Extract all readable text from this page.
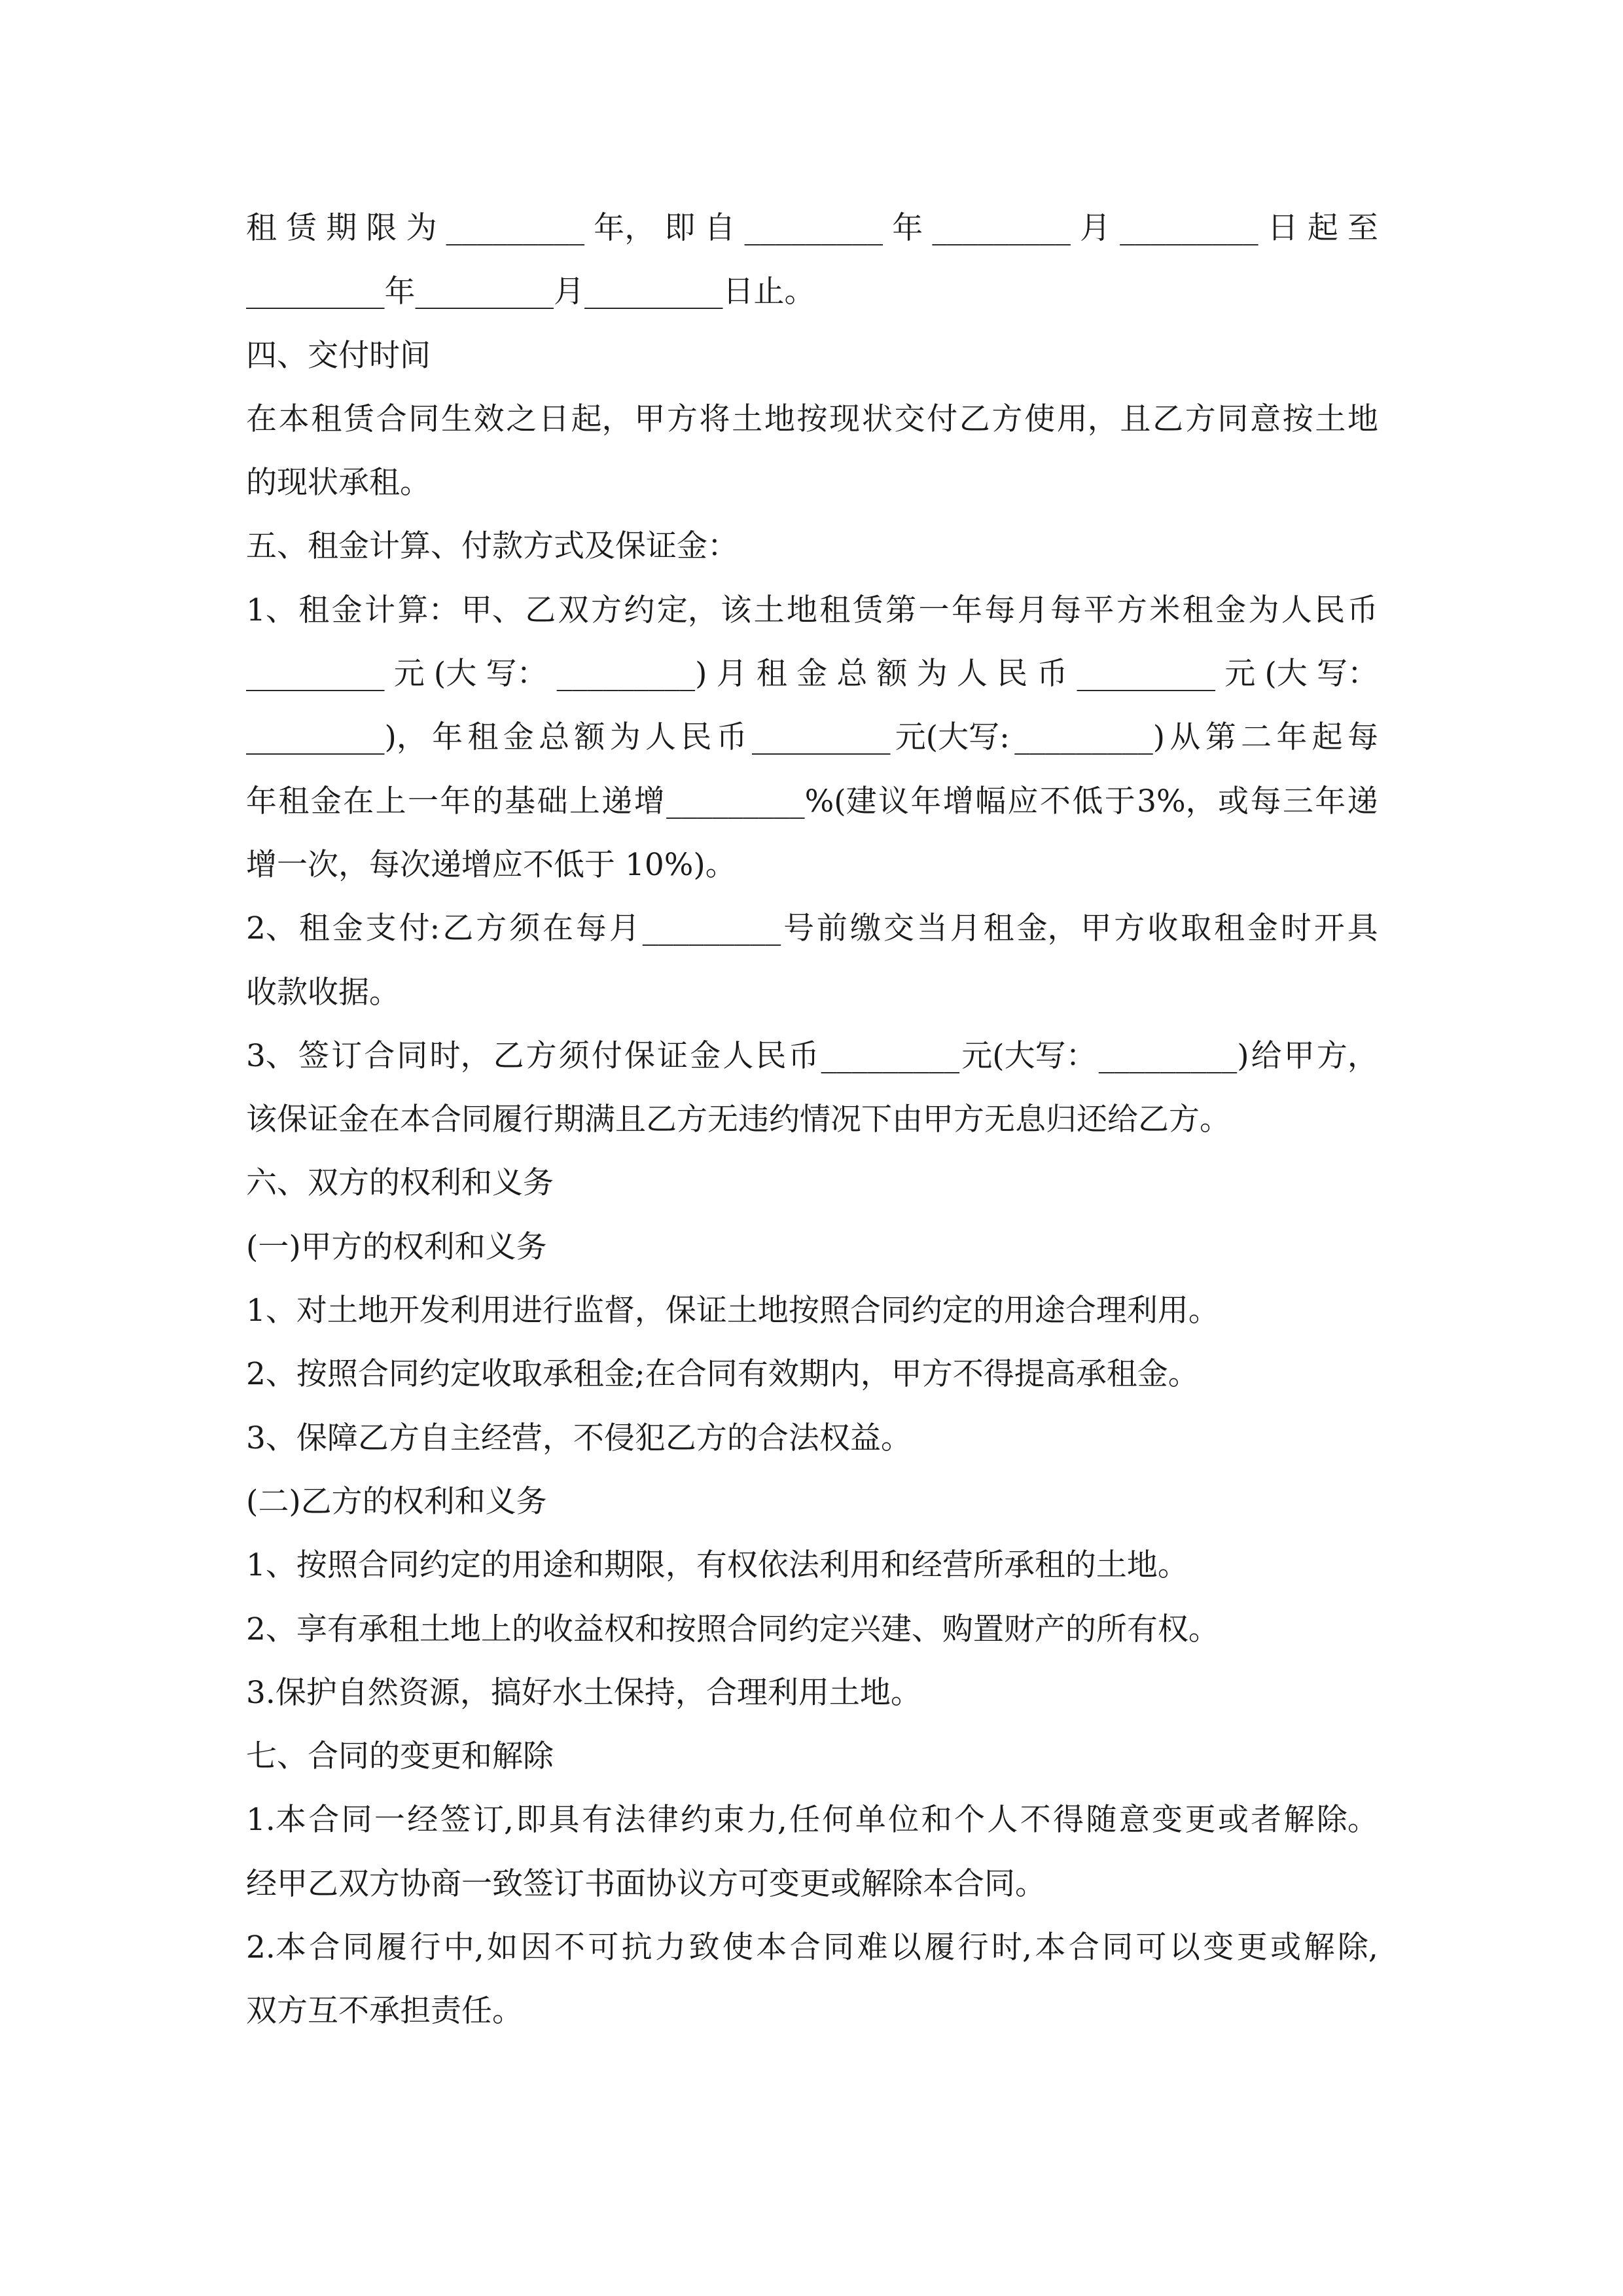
租 赁 期 限 为 _________ 年， 即 自 _________ 年 _________ 月 _________ 日 起 至
_________年_________月_________日止。
四、交付时间
在 本 租 赁 合 同 生 效 之 日 起， 甲 方 将 土 地 按 现 状 交 付 乙 方 使 用， 且 乙 方 同 意 按 土 地
的现状承租。
五、租金计算、付款方式及保证金：
1、 租 金 计 算： 甲、 乙 双 方 约 定， 该 土 地 租 赁 第 一 年 每 月 每 平 方 米 租 金 为 人 民 币
_________ 元 (大 写： _________) 月 租 金 总 额 为 人 民 币 _________ 元 (大 写：
_________)， 年 租 金 总 额 为 人 民 币 _________ 元(大写: _________) 从 第 二 年 起 每
年 租 金 在 上 一 年 的 基 础 上 递 增 _________%(建 议 年 增 幅 应 不 低 于 3%， 或 每 三 年 递
增一次，每次递增应不低于 10%)。
2、 租 金 支 付: 乙 方 须 在 每 月 _________ 号 前 缴 交 当 月 租 金， 甲 方 收 取 租 金 时 开 具
收款收据。
3、 签 订 合 同 时， 乙 方 须 付 保 证 金 人 民 币 _________ 元(大写： _________) 给 甲 方，
该保证金在本合同履行期满且乙方无违约情况下由甲方无息归还给乙方。
六、双方的权利和义务
(一)甲方的权利和义务
1、对土地开发利用进行监督，保证土地按照合同约定的用途合理利用。
2、按照合同约定收取承租金;在合同有效期内，甲方不得提高承租金。
3、保障乙方自主经营，不侵犯乙方的合法权益。
(二)乙方的权利和义务
1、按照合同约定的用途和期限，有权依法利用和经营所承租的土地。
2、享有承租土地上的收益权和按照合同约定兴建、购置财产的所有权。
3.保护自然资源，搞好水土保持，合理利用土地。
七、合同的变更和解除
1.本 合 同 一 经 签 订, 即 具 有 法 律 约 束 力, 任 何 单 位 和 个 人 不 得 随 意 变 更 或 者 解 除。
经甲乙双方协商一致签订书面协议方可变更或解除本合同。
2.本 合 同 履 行 中, 如 因 不 可 抗 力 致 使 本 合 同 难 以 履 行 时, 本 合 同 可 以 变 更 或 解 除,
双方互不承担责任。
